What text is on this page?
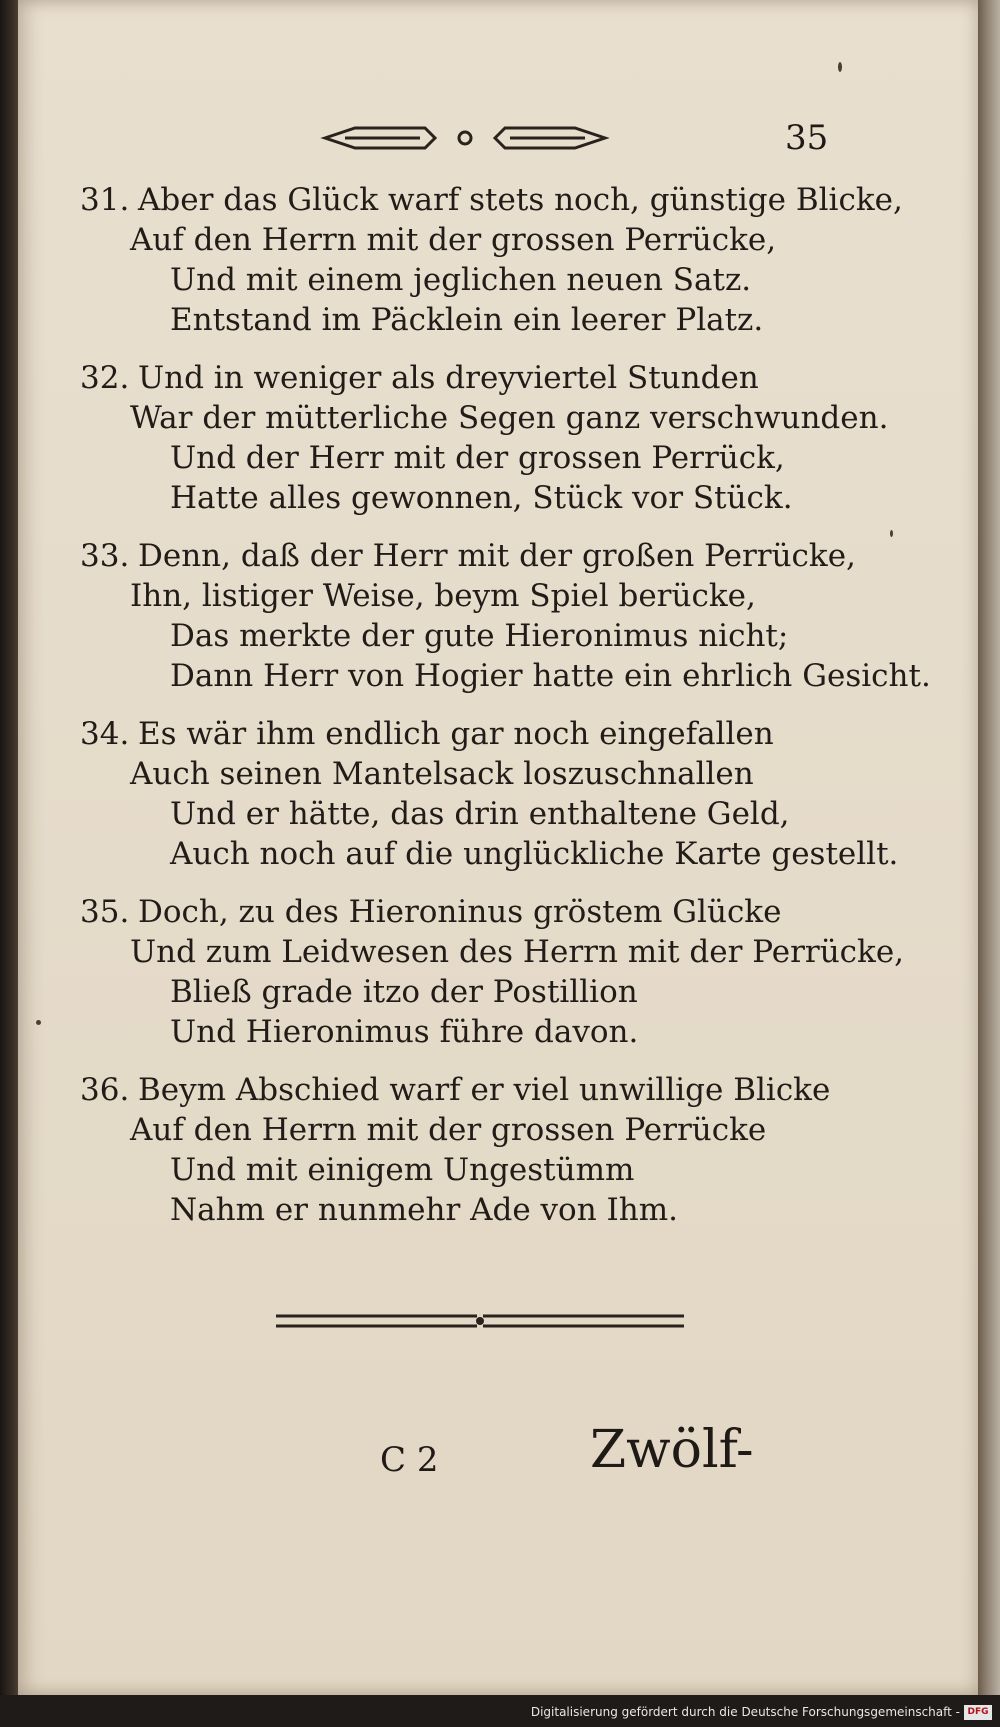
35
31. Aber das Glück warf stets noch, günstige Blicke,
Auf den Herrn mit der grossen Perrücke,
Und mit einem jeglichen neuen Satz.
Entstand im Päcklein ein leerer Platz.
32. Und in weniger als dreyviertel Stunden
War der mütterliche Segen ganz verschwunden.
Und der Herr mit der grossen Perrück,
Hatte alles gewonnen, Stück vor Stück.
33. Denn, daß der Herr mit der großen Perrücke,
Ihn, listiger Weise, beym Spiel berücke,
Das merkte der gute Hieronimus nicht;
Dann Herr von Hogier hatte ein ehrlich Gesicht.
34. Es wär ihm endlich gar noch eingefallen
Auch seinen Mantelsack loszuschnallen
Und er hätte, das drin enthaltene Geld,
Auch noch auf die unglückliche Karte gestellt.
35. Doch, zu des Hieroninus gröstem Glücke
Und zum Leidwesen des Herrn mit der Perrücke,
Bließ grade itzo der Postillion
Und Hieronimus führe davon.
36. Beym Abschied warf er viel unwillige Blicke
Auf den Herrn mit der grossen Perrücke
Und mit einigem Ungestümm
Nahm er nunmehr Ade von Ihm.
C 2	Zwölf-
Digitalisierung gefördert durch die Deutsche Forschungsgemeinschaft - DFG
